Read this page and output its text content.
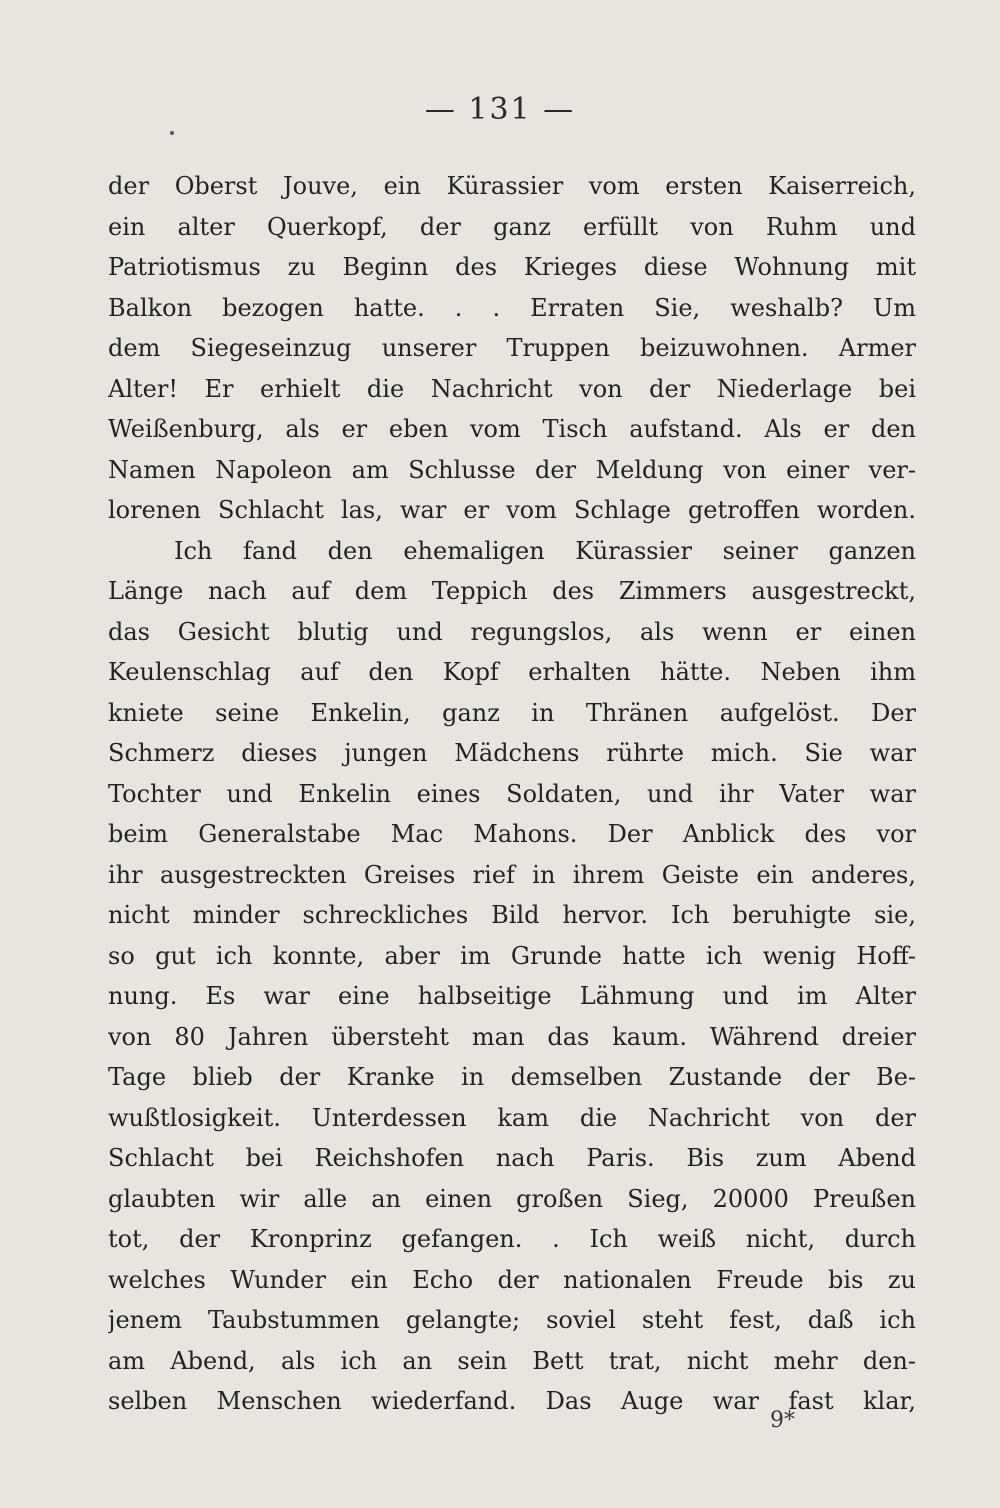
— 131 —
der Oberst Jouve, ein Kürassier vom ersten Kaiserreich,
ein alter Querkopf, der ganz erfüllt von Ruhm und
Patriotismus zu Beginn des Krieges diese Wohnung mit
Balkon bezogen hatte. . . Erraten Sie, weshalb? Um
dem Siegeseinzug unserer Truppen beizuwohnen. Armer
Alter! Er erhielt die Nachricht von der Niederlage bei
Weißenburg, als er eben vom Tisch aufstand. Als er den
Namen Napoleon am Schlusse der Meldung von einer ver-
lorenen Schlacht las, war er vom Schlage getroffen worden.
Ich fand den ehemaligen Kürassier seiner ganzen
Länge nach auf dem Teppich des Zimmers ausgestreckt,
das Gesicht blutig und regungslos, als wenn er einen
Keulenschlag auf den Kopf erhalten hätte. Neben ihm
kniete seine Enkelin, ganz in Thränen aufgelöst. Der
Schmerz dieses jungen Mädchens rührte mich. Sie war
Tochter und Enkelin eines Soldaten, und ihr Vater war
beim Generalstabe Mac Mahons. Der Anblick des vor
ihr ausgestreckten Greises rief in ihrem Geiste ein anderes,
nicht minder schreckliches Bild hervor. Ich beruhigte sie,
so gut ich konnte, aber im Grunde hatte ich wenig Hoff-
nung. Es war eine halbseitige Lähmung und im Alter
von 80 Jahren übersteht man das kaum. Während dreier
Tage blieb der Kranke in demselben Zustande der Be-
wußtlosigkeit. Unterdessen kam die Nachricht von der
Schlacht bei Reichshofen nach Paris. Bis zum Abend
glaubten wir alle an einen großen Sieg, 20000 Preußen
tot, der Kronprinz gefangen. . Ich weiß nicht, durch
welches Wunder ein Echo der nationalen Freude bis zu
jenem Taubstummen gelangte; soviel steht fest, daß ich
am Abend, als ich an sein Bett trat, nicht mehr den-
selben Menschen wiederfand. Das Auge war fast klar,
9*
